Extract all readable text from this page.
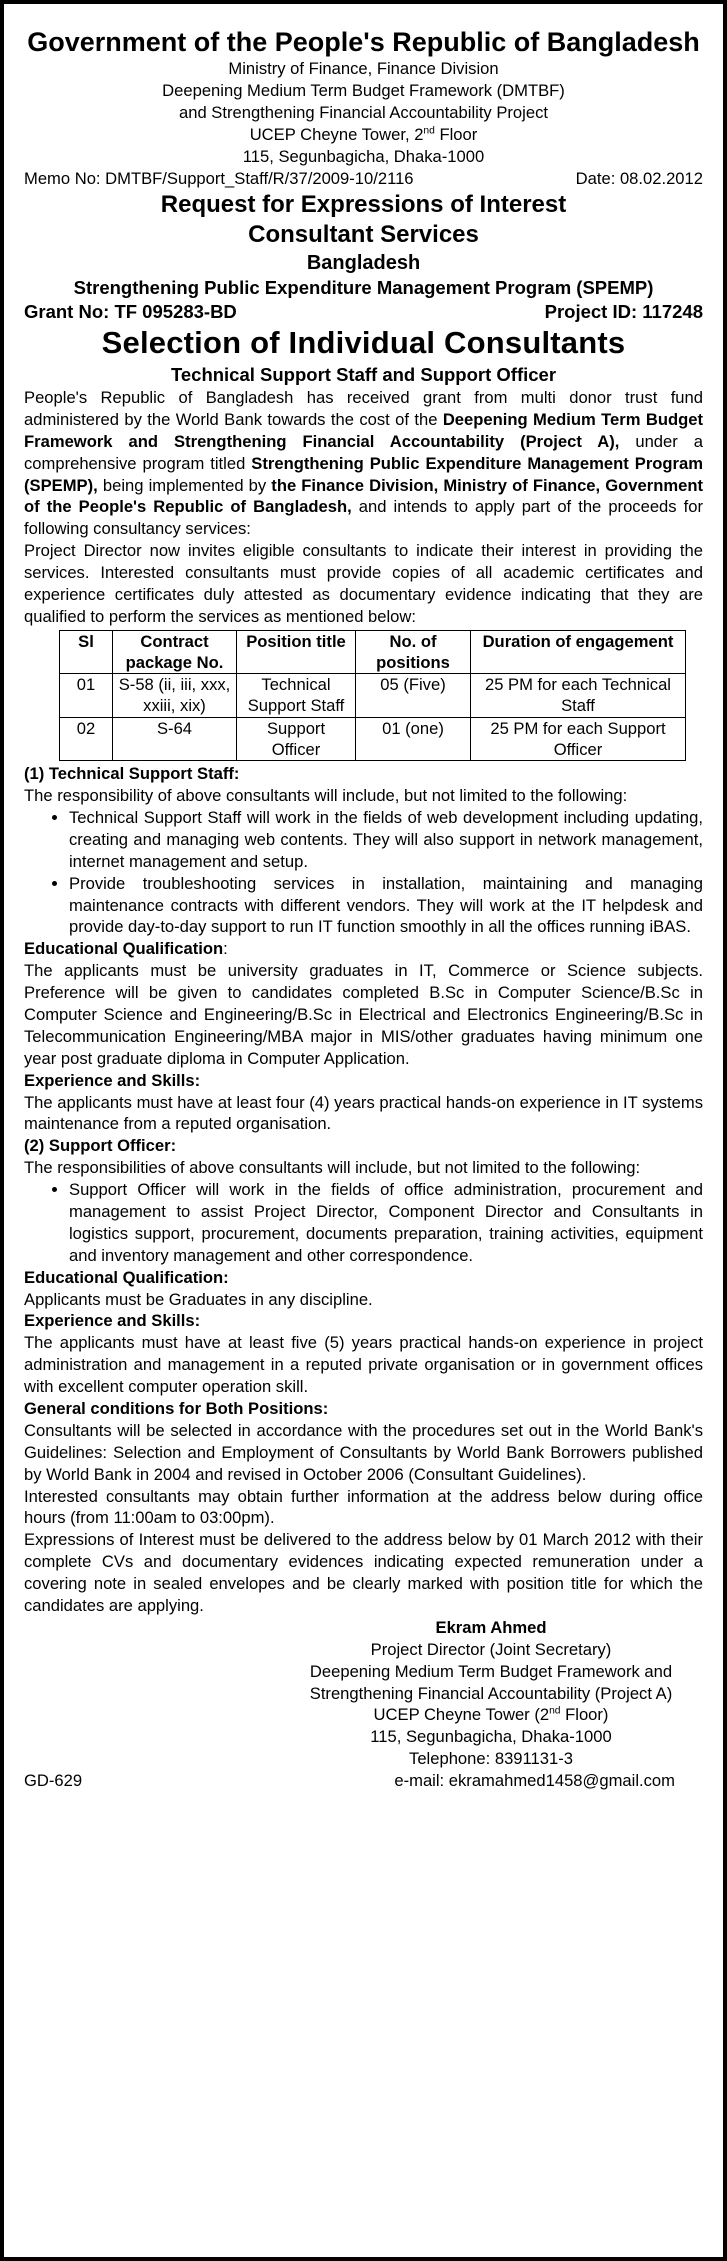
Government of the People's Republic of Bangladesh
Ministry of Finance, Finance Division
Deepening Medium Term Budget Framework (DMTBF)
and Strengthening Financial Accountability Project
UCEP Cheyne Tower, 2nd Floor
115, Segunbagicha, Dhaka-1000
Memo No: DMTBF/Support_Staff/R/37/2009-10/2116	Date: 08.02.2012
Request for Expressions of Interest
Consultant Services
Bangladesh
Strengthening Public Expenditure Management Program (SPEMP)
Grant No: TF 095283-BD	Project ID: 117248
Selection of Individual Consultants
Technical Support Staff and Support Officer

People's Republic of Bangladesh has received grant from multi donor trust fund administered by the World Bank towards the cost of the Deepening Medium Term Budget Framework and Strengthening Financial Accountability (Project A), under a comprehensive program titled Strengthening Public Expenditure Management Program (SPEMP), being implemented by the Finance Division, Ministry of Finance, Government of the People's Republic of Bangladesh, and intends to apply part of the proceeds for following consultancy services:

Project Director now invites eligible consultants to indicate their interest in providing the services. Interested consultants must provide copies of all academic certificates and experience certificates duly attested as documentary evidence indicating that they are qualified to perform the services as mentioned below:

Sl	Contract package No.	Position title	No. of positions	Duration of engagement
01	S-58 (ii, iii, xxx, xxiii, xix)	Technical Support Staff	05 (Five)	25 PM for each Technical Staff
02	S-64	Support Officer	01 (one)	25 PM for each Support Officer

(1) Technical Support Staff:

The responsibility of above consultants will include, but not limited to the following:

• Technical Support Staff will work in the fields of web development including updating, creating and managing web contents. They will also support in network management, internet management and setup.
• Provide troubleshooting services in installation, maintaining and managing maintenance contracts with different vendors. They will work at the IT helpdesk and provide day-to-day support to run IT function smoothly in all the offices running iBAS.

Educational Qualification:

The applicants must be university graduates in IT, Commerce or Science subjects. Preference will be given to candidates completed B.Sc in Computer Science/B.Sc in Computer Science and Engineering/B.Sc in Electrical and Electronics Engineering/B.Sc in Telecommunication Engineering/MBA major in MIS/other graduates having minimum one year post graduate diploma in Computer Application.

Experience and Skills:

The applicants must have at least four (4) years practical hands-on experience in IT systems maintenance from a reputed organisation.

(2) Support Officer:

The responsibilities of above consultants will include, but not limited to the following:

• Support Officer will work in the fields of office administration, procurement and management to assist Project Director, Component Director and Consultants in logistics support, procurement, documents preparation, training activities, equipment and inventory management and other correspondence.

Educational Qualification:

Applicants must be Graduates in any discipline.

Experience and Skills:

The applicants must have at least five (5) years practical hands-on experience in project administration and management in a reputed private organisation or in government offices with excellent computer operation skill.

General conditions for Both Positions:

Consultants will be selected in accordance with the procedures set out in the World Bank's Guidelines: Selection and Employment of Consultants by World Bank Borrowers published by World Bank in 2004 and revised in October 2006 (Consultant Guidelines).

Interested consultants may obtain further information at the address below during office hours (from 11:00am to 03:00pm).

Expressions of Interest must be delivered to the address below by 01 March 2012 with their complete CVs and documentary evidences indicating expected remuneration under a covering note in sealed envelopes and be clearly marked with position title for which the candidates are applying.

Ekram Ahmed
Project Director (Joint Secretary)
Deepening Medium Term Budget Framework and
Strengthening Financial Accountability (Project A)
UCEP Cheyne Tower (2nd Floor)
115, Segunbagicha, Dhaka-1000
Telephone: 8391131-3
GD-629	e-mail: ekramahmed1458@gmail.com
